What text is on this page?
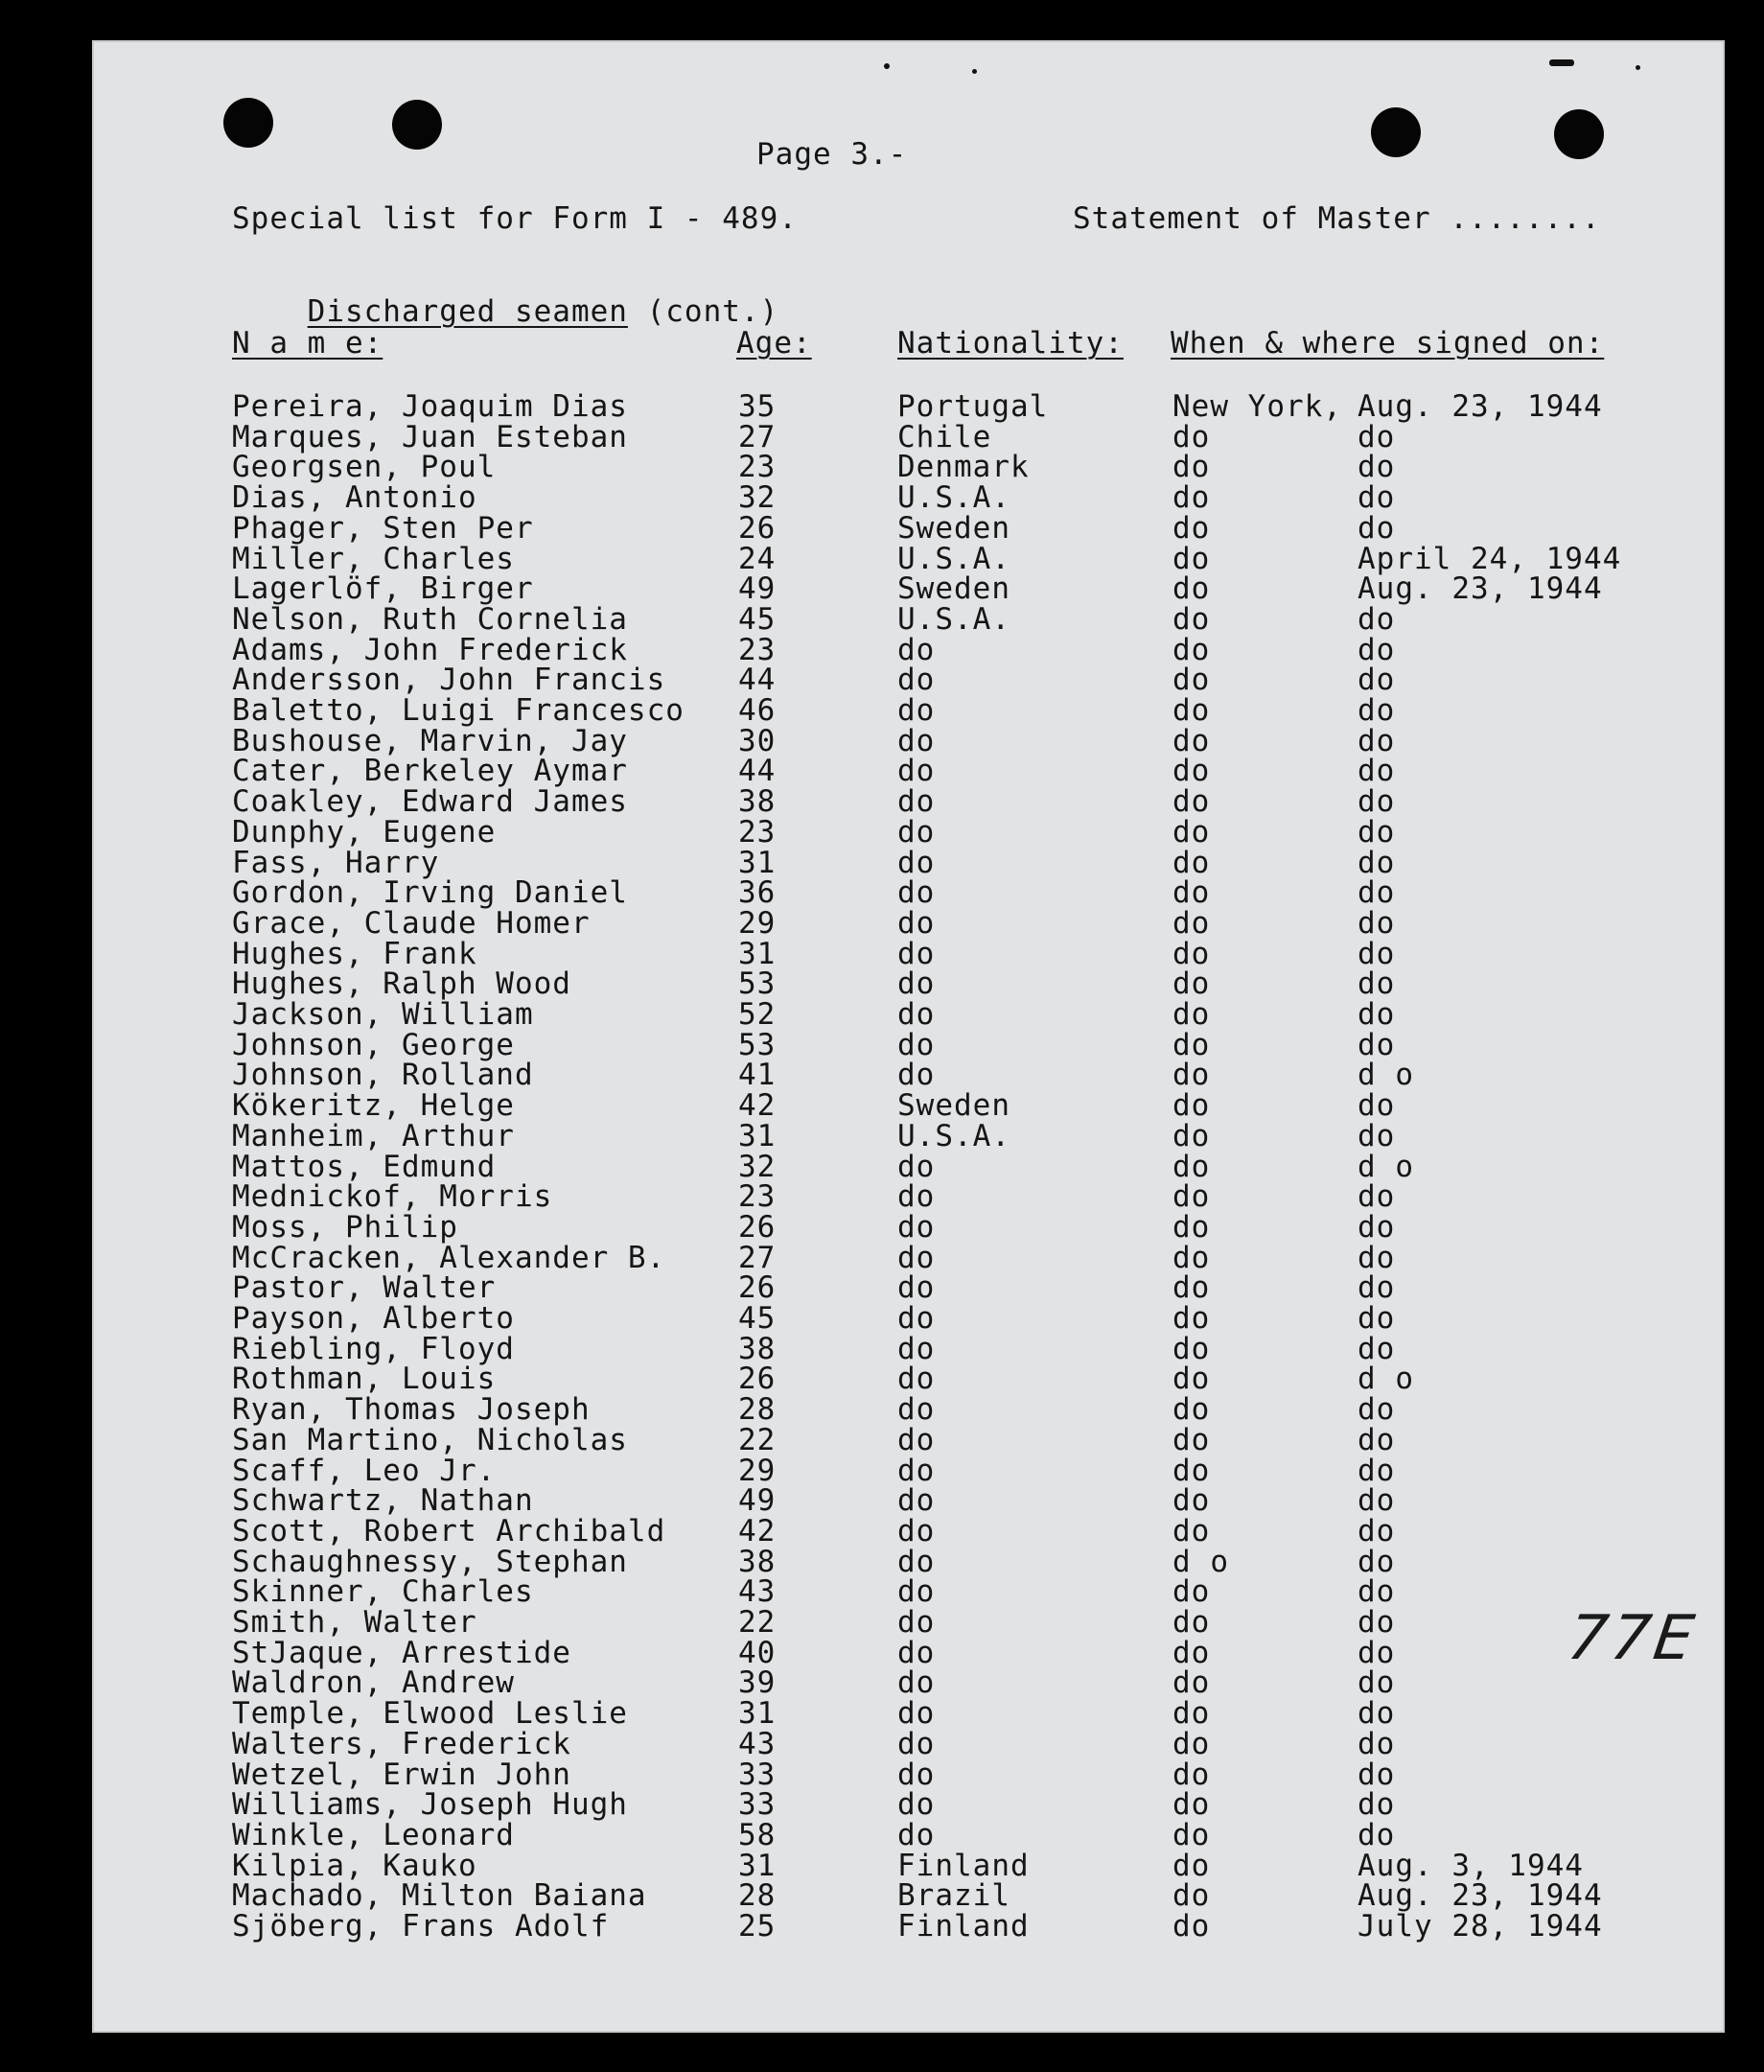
Page 3.-
Special list for Form I - 489.	Statement of Master ........

Discharged seamen (cont.)

N a m e:	Age:	Nationality: When & where signed on:
Pereira, Joaquim Dias	35	Portugal	New York, Aug. 23, 1944
Marques, Juan Esteban	27	Chile	do	do
Georgsen, Poul	23	Denmark	do	do
Dias, Antonio	32	U.S.A.	do	do
Phager, Sten Per	26	Sweden	do	do
Miller, Charles	24	U.S.A.	do	April 24, 1944
Lagerlöf, Birger	49	Sweden	do	Aug. 23, 1944
Nelson, Ruth Cornelia	45	U.S.A.	do	do
Adams, John Frederick	23	do	do	do
Andersson, John Francis 44	do	do	do
Baletto, Luigi Francesco 46	do	do	do
Bushouse, Marvin, Jay	30	do	do	do
Cater, Berkeley Aymar	44	do	do	do
Coakley, Edward James	38	do	do	do
Dunphy, Eugene	23	do	do	do
Fass, Harry	31	do	do	do
Gordon, Irving Daniel	36	do	do	do
Grace, Claude Homer	29	do	do	do
Hughes, Frank	31	do	do	do
Hughes, Ralph Wood	53	do	do	do
Jackson, William	52	do	do	do
Johnson, George	53	do	do	do
Johnson, Rolland	41	do	do	d o
Kökeritz, Helge	42	Sweden	do	do
Manheim, Arthur	31	U.S.A.	do	do
Mattos, Edmund	32	do	do	d o
Mednickof, Morris	23	do	do	do
Moss, Philip	26	do	do	do
McCracken, Alexander B. 27	do	do	do
Pastor, Walter	26	do	do	do
Payson, Alberto	45	do	do	do
Riebling, Floyd	38	do	do	do
Rothman, Louis	26	do	do	d o
Ryan, Thomas Joseph	28	do	do	do
San Martino, Nicholas	22	do	do	do
Scaff, Leo Jr.	29	do	do	do
Schwartz, Nathan	49	do	do	do
Scott, Robert Archibald 42	do	do	do
Schaughnessy, Stephan	38	do	d o	do
Skinner, Charles	43	do	do	do
Smith, Walter	22	do	do	do
StJaque, Arrestide	40	do	do	do
Waldron, Andrew	39	do	do	do
Temple, Elwood Leslie	31	do	do	do
Walters, Frederick	43	do	do	do
Wetzel, Erwin John	33	do	do	do
Williams, Joseph Hugh	33	do	do	do
Winkle, Leonard	58	do	do	do
Kilpia, Kauko	31	Finland	do	Aug. 3, 1944
Machado, Milton Baiana	28	Brazil	do	Aug. 23, 1944
Sjöberg, Frans Adolf	25	Finland	do	July 28, 1944
77E
